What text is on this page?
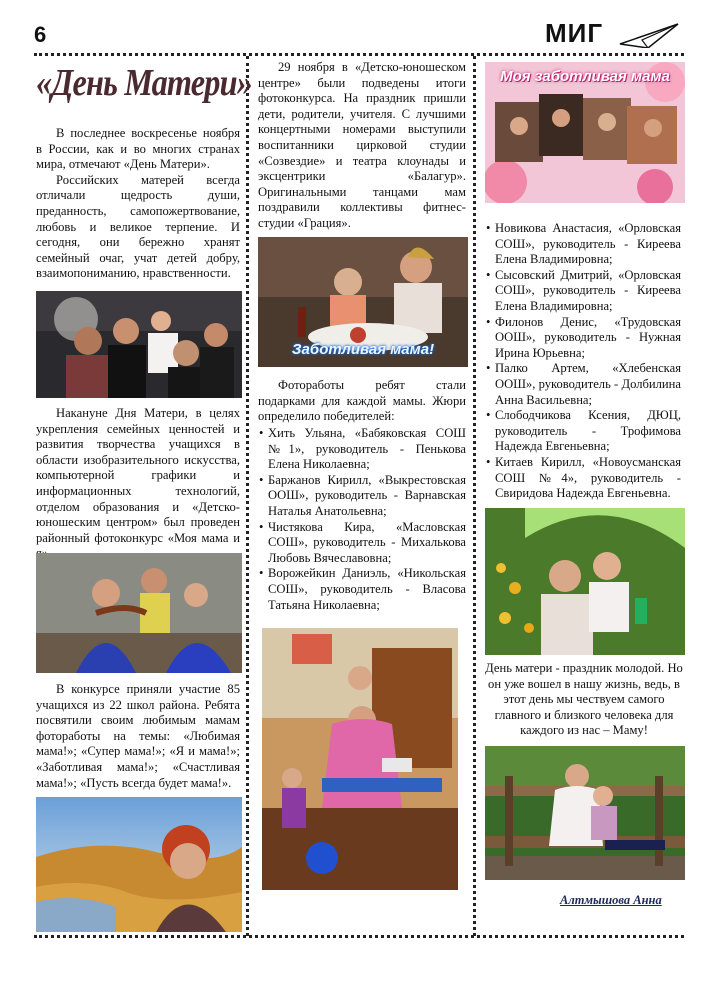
6	МИГ
«День Матери»

В последнее воскресенье ноября в России, как и во многих странах мира, отмечают «День Матери».

Российских матерей всегда отличали щедрость души, преданность, самопожертвование, любовь и великое терпение. И сегодня, они бережно хранят семейный очаг, учат детей добру, взаимопониманию, нравственности.

Накануне Дня Матери, в целях укрепления семейных ценностей и развития творчества учащихся в области изобразительного искусства, компьютерной графики и информационных технологий, отделом образования и «Детско-юношеским центром» был проведен районный фотоконкурс «Моя мама и

В конкурсе приняли участие 85 учащихся из 22 школ района. Ребята посвятили своим любимым мамам фотоработы на темы: «Любимая мама!»; «Супер мама!»; «Я и мама!»; «Заботливая мама!»; «Счастливая мама!»; «Пусть всегда будет мама!».

29 ноября в «Детско-юношеском центре» были подведены итоги фотоконкурса. На праздник пришли дети, родители, учителя. С лучшими концертными номерами выступили воспитанники цирковой студии «Созвездие» и театра клоунады и эксцентрики «Балагур». Оригинальными танцами мам поздравили коллективы фитнес-студии «Грация».

Заботливая мама!

Фотоработы ребят стали подарками для каждой мамы. Жюри определило победителей:

• Хить Ульяна, «Бабяковская СОШ №1», руководитель - Пенькова Елена Николаевна;
• Баржанов Кирилл, «Выкрестовская ООШ», руководитель - Варнавская Наталья Анатольевна;
• Чистякова Кира, «Масловская СОШ», руководитель - Михалькова Любовь Вячеславовна;
• Ворожейкин Даниэль, «Никольская СОШ», руководитель - Власова Татьяна Николаевна;
Моя заботливая мама
• Новикова Анастасия, «Орловская СОШ», руководитель - Киреева Елена Владимировна;
• Сысовский Дмитрий, «Орловская СОШ», руководитель - Киреева Елена Владимировна;
• Филонов Денис, «Трудовская ООШ», руководитель - Нужная Ирина Юрьевна;
• Палко Артем, «Хлебенская ООШ», руководитель - Долбилина Анна Васильевна;
• Слободчикова Ксения, ДЮЦ, руководитель - Трофимова Надежда Евгеньевна;
• Китаев Кирилл, «Новоусманская СОШ №4», руководитель - Свиридова Надежда Евгеньевна.

День матери - праздник молодой. Но он уже вошел в нашу жизнь, ведь, в этот день мы чествуем самого главного и близкого человека для каждого из нас – Маму!

Алтмышова Анна
